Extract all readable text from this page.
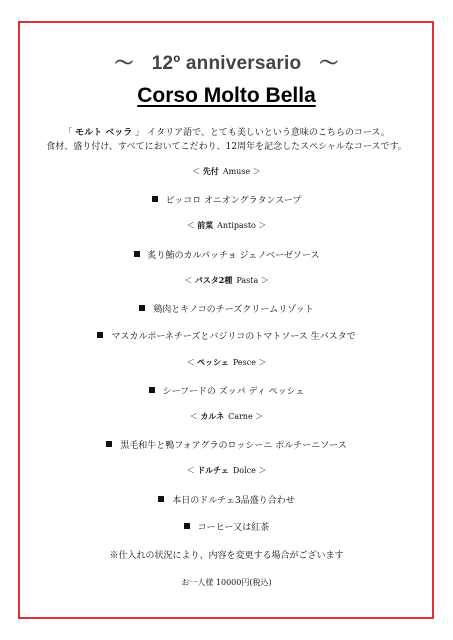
～ 12º anniversario ～
Corso Molto Bella
「 モルト ベッラ 」 イタリア語で、とても美しいという意味のこちらのコース。
食材、盛り付け、すべてにおいてこだわり、12周年を記念したスペシャルなコースです。
＜ 先付 Amuse ＞
ピッコロ オニオングラタンスープ
＜ 前菜 Antipasto ＞
炙り鮪のカルパッチョ ジェノベーゼソース
＜ パスタ2種 Pasta ＞
鶏肉とキノコのチーズクリームリゾット
マスカルポーネチーズとバジリコのトマトソース 生パスタで
＜ ペッシェ Pesce ＞
シーフードの ズッパ ディ ペッシェ
＜ カルネ Carne ＞
黒毛和牛と鴨フォアグラのロッシーニ ポルチーニソース
＜ ドルチェ Dolce ＞
本日のドルチェ3品盛り合わせ
コーヒー又は紅茶
※仕入れの状況により、内容を変更する場合がございます
お一人様 10000円(税込)
